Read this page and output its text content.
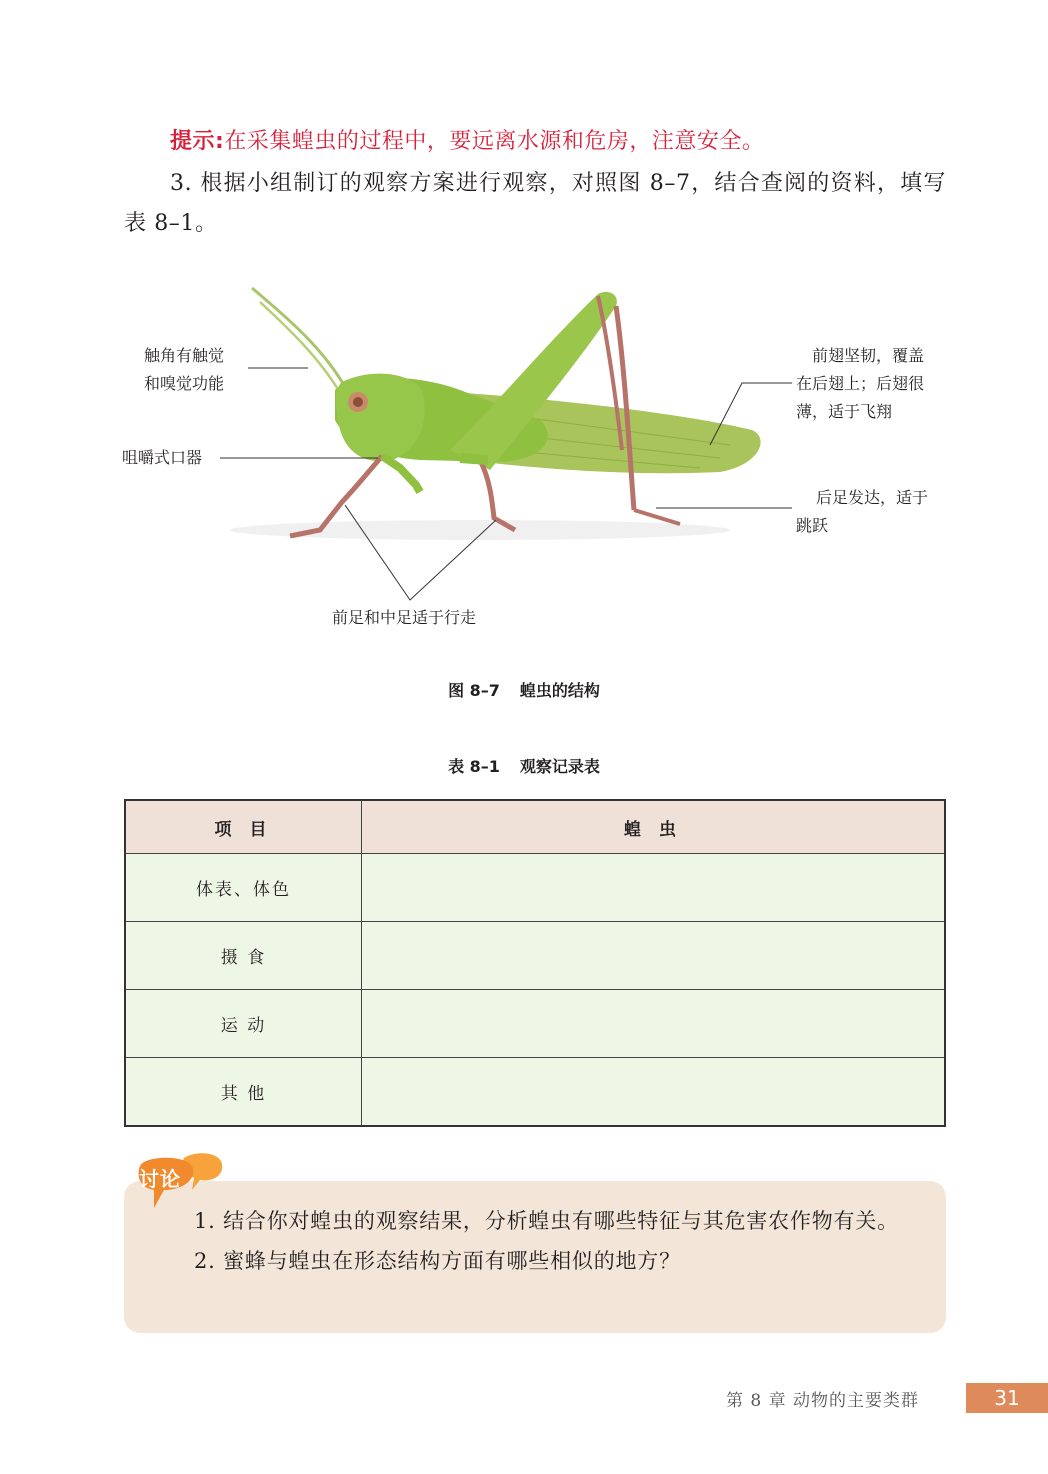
提示:在采集蝗虫的过程中，要远离水源和危房，注意安全。
3. 根据小组制订的观察方案进行观察，对照图 8–7，结合查阅的资料，填写表 8–1。
触角有触觉
和嗅觉功能
咀嚼式口器
前翅坚韧，覆盖
在后翅上；后翅很
薄，适于飞翔
后足发达，适于
跳跃
前足和中足适于行走
图 8–7 蝗虫的结构
表 8–1 观察记录表
项 目	蝗 虫
体表、体色	
摄 食	
运 动	
其 他	

1. 结合你对蝗虫的观察结果，分析蝗虫有哪些特征与其危害农作物有关。

2. 蜜蜂与蝗虫在形态结构方面有哪些相似的地方？

讨论
第 8 章 动物的主要类群	31
